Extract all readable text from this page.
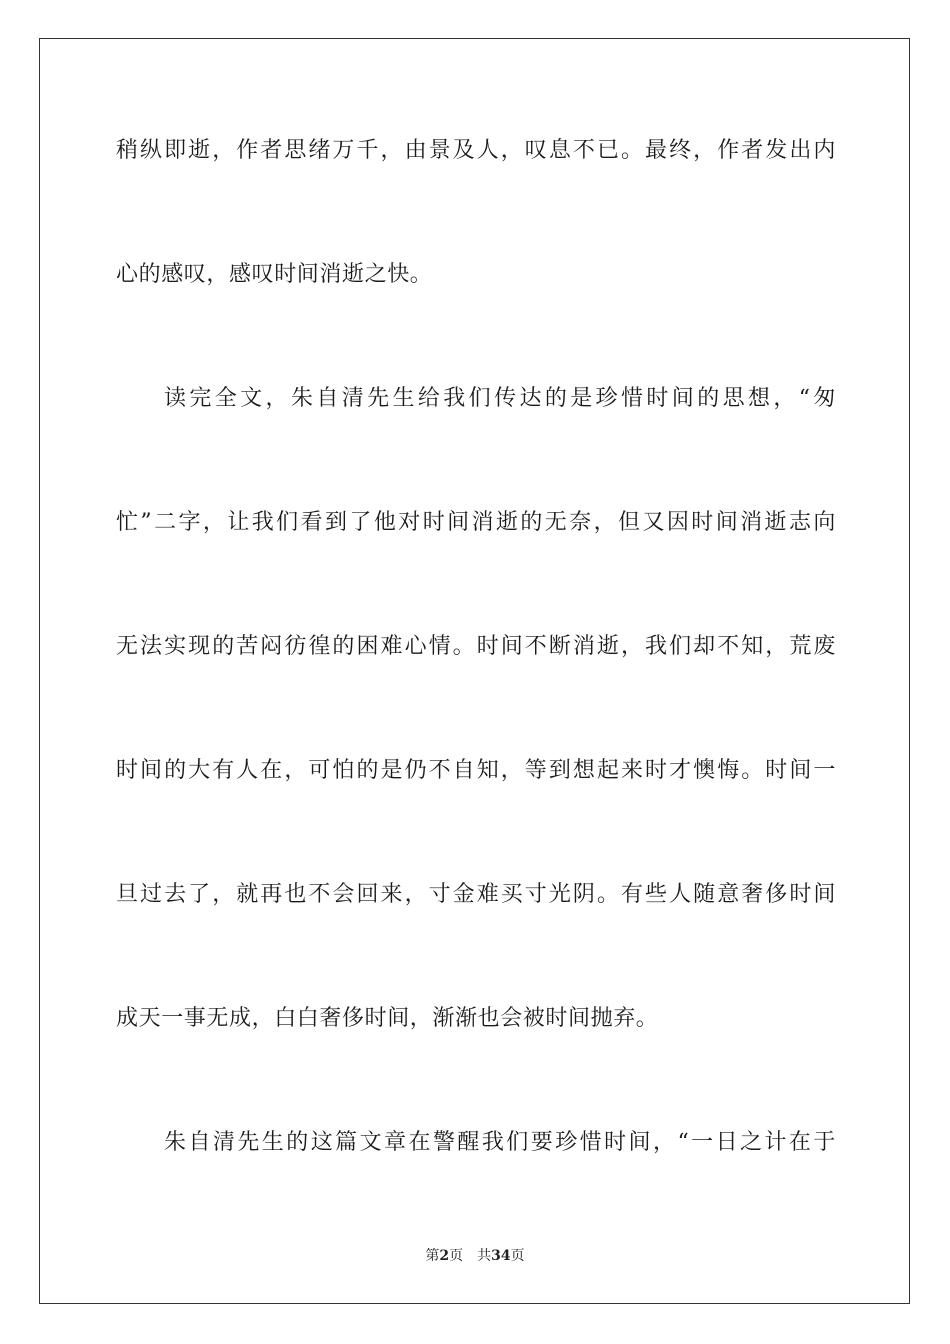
稍纵即逝，作者思绪万千，由景及人，叹息不已。最终，作者发出内
心的感叹，感叹时间消逝之快。
读完全文，朱自清先生给我们传达的是珍惜时间的思想，“匆
忙”二字，让我们看到了他对时间消逝的无奈，但又因时间消逝志向
无法实现的苦闷彷徨的困难心情。时间不断消逝，我们却不知，荒废
时间的大有人在，可怕的是仍不自知，等到想起来时才懊悔。时间一
旦过去了，就再也不会回来，寸金难买寸光阴。有些人随意奢侈时间
成天一事无成，白白奢侈时间，渐渐也会被时间抛弃。
朱自清先生的这篇文章在警醒我们要珍惜时间，“一日之计在于
第2页 共34页
